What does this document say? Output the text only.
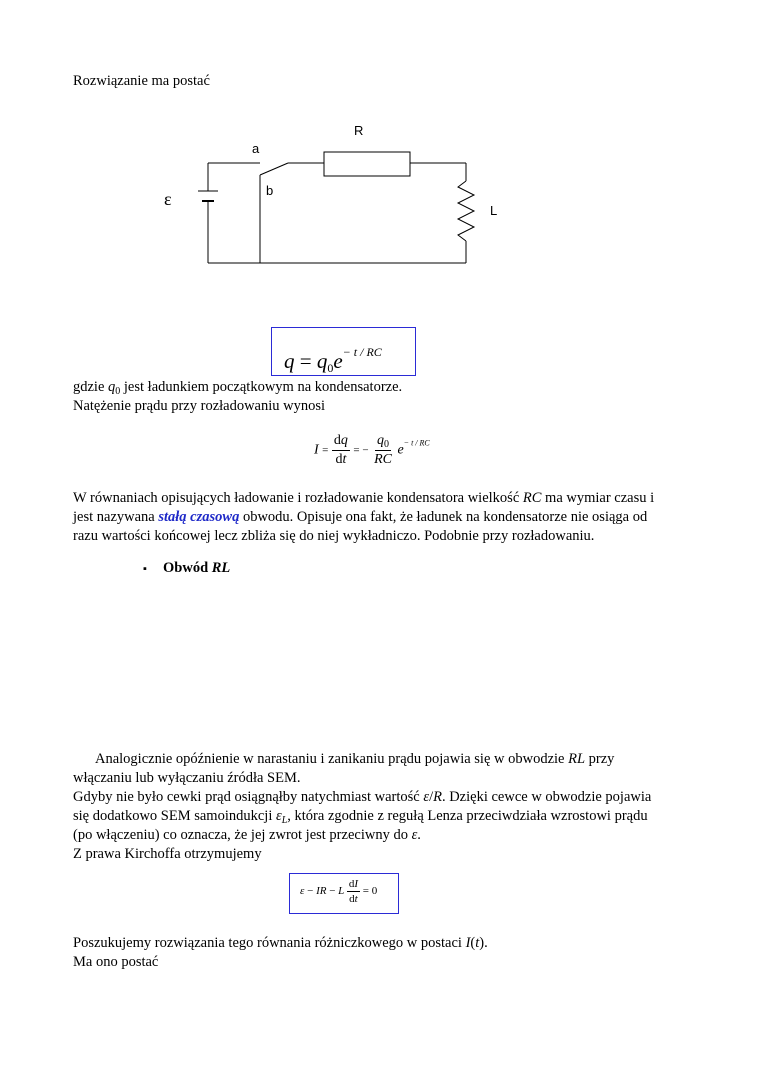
Rozwiązanie ma postać
R
a
b
ε
L
$q = q0e^{- t / RC}$
gdzie $q_0$ jest ładunkiem początkowym na kondensatorze.
Natężenie prądu przy rozładowaniu wynosi
$I = \frac{dq}{dt}$ = − $\frac{q_0}{RC} e^{- t / RC}$
W równaniach opisujących ładowanie i rozładowanie kondensatora wielkość RC ma wymiar czasu i
jest nazywana stałą czasową obwodu. Opisuje ona fakt, że ładunek na kondensatorze nie osiąga od
razu wartości końcowej lecz zbliża się do niej wykładniczo. Podobnie przy rozładowaniu.
▪ Obwód RL
Analogicznie opóźnienie w narastaniu i zanikaniu prądu pojawia się w obwodzie RL przy
włączaniu lub wyłączaniu źródła SEM.
Gdyby nie było cewki prąd osiągnąłby natychmiast wartość ε/R. Dzięki cewce w obwodzie pojawia
się dodatkowo SEM samoindukcji $\varepsilon_L$, która zgodnie z regułą Lenza przeciwdziała wzrostowi prądu
(po włączeniu) co oznacza, że jej zwrot jest przeciwny do ε.
Z prawa Kirchoffa otrzymujemy
ε − IR − L $\frac{dI}{dt} = 0$
Poszukujemy rozwiązania tego równania różniczkowego w postaci I(t).
Ma ono postać
